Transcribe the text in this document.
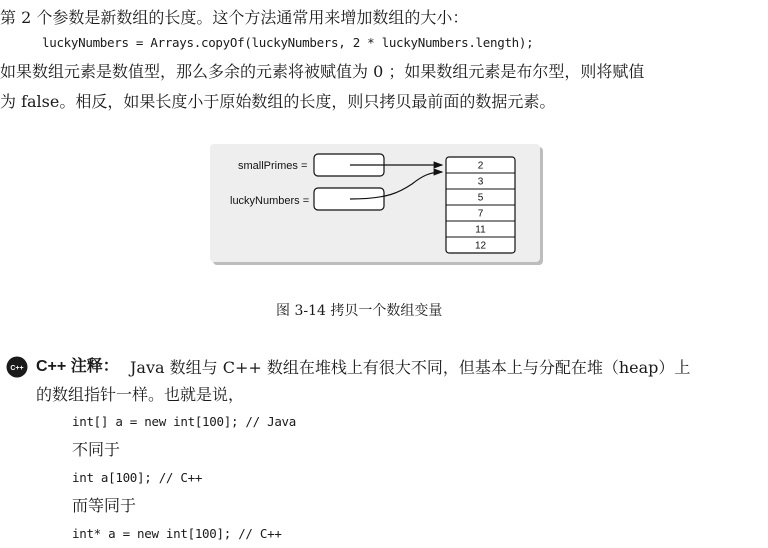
第 2 个参数是新数组的长度。这个方法通常用来增加数组的大小：
luckyNumbers = Arrays.copyOf(luckyNumbers, 2 * luckyNumbers.length);
如果数组元素是数值型，那么多余的元素将被赋值为 0 ；如果数组元素是布尔型，则将赋值
为 false。相反，如果长度小于原始数组的长度，则只拷贝最前面的数据元素。
smallPrimes =
luckyNumbers =
2
3
5
7
11
12
图 3-14 拷贝一个数组变量
C++ C++ 注释： Java 数组与 C++ 数组在堆栈上有很大不同，但基本上与分配在堆（heap）上
的数组指针一样。也就是说，
int[] a = new int[100]; // Java
不同于
int a[100]; // C++
而等同于
int* a = new int[100]; // C++
